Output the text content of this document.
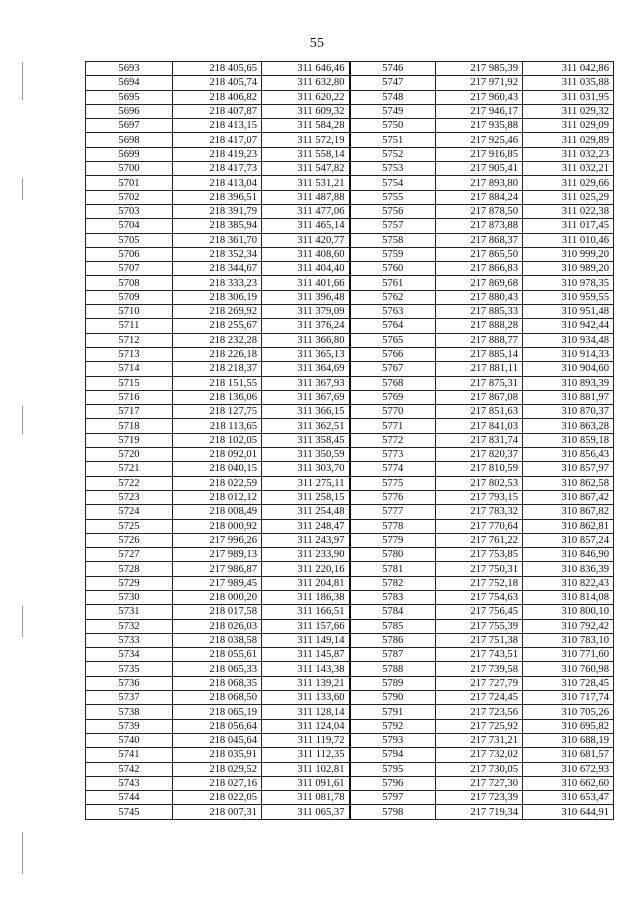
55
5693	218 405,65	311 646,46	5746	217 985,39	311 042,86
5694	218 405,74	311 632,80	5747	217 971,92	311 035,88
5695	218 406,82	311 620,22	5748	217 960,43	311 031,95
5696	218 407,87	311 609,32	5749	217 946,17	311 029,32
5697	218 413,15	311 584,28	5750	217 935,88	311 029,09
5698	218 417,07	311 572,19	5751	217 925,46	311 029,89
5699	218 419,23	311 558,14	5752	217 916,85	311 032,23
5700	218 417,73	311 547,82	5753	217 905,41	311 032,21
5701	218 413,04	311 531,21	5754	217 893,80	311 029,66
5702	218 396,51	311 487,88	5755	217 884,24	311 025,29
5703	218 391,79	311 477,06	5756	217 878,50	311 022,38
5704	218 385,94	311 465,14	5757	217 873,88	311 017,45
5705	218 361,70	311 420,77	5758	217 868,37	311 010,46
5706	218 352,34	311 408,60	5759	217 865,50	310 999,20
5707	218 344,67	311 404,40	5760	217 866,83	310 989,20
5708	218 333,23	311 401,66	5761	217 869,68	310 978,35
5709	218 306,19	311 396,48	5762	217 880,43	310 959,55
5710	218 269,92	311 379,09	5763	217 885,33	310 951,48
5711	218 255,67	311 376,24	5764	217 888,28	310 942,44
5712	218 232,28	311 366,80	5765	217 888,77	310 934,48
5713	218 226,18	311 365,13	5766	217 885,14	310 914,33
5714	218 218,37	311 364,69	5767	217 881,11	310 904,60
5715	218 151,55	311 367,93	5768	217 875,31	310 893,39
5716	218 136,06	311 367,69	5769	217 867,08	310 881,97
5717	218 127,75	311 366,15	5770	217 851,63	310 870,37
5718	218 113,65	311 362,51	5771	217 841,03	310 863,28
5719	218 102,05	311 358,45	5772	217 831,74	310 859,18
5720	218 092,01	311 350,59	5773	217 820,37	310 856,43
5721	218 040,15	311 303,70	5774	217 810,59	310 857,97
5722	218 022,59	311 275,11	5775	217 802,53	310 862,58
5723	218 012,12	311 258,15	5776	217 793,15	310 867,42
5724	218 008,49	311 254,48	5777	217 783,32	310 867,82
5725	218 000,92	311 248,47	5778	217 770,64	310 862,81
5726	217 996,26	311 243,97	5779	217 761,22	310 857,24
5727	217 989,13	311 233,90	5780	217 753,85	310 846,90
5728	217 986,87	311 220,16	5781	217 750,31	310 836,39
5729	217 989,45	311 204,81	5782	217 752,18	310 822,43
5730	218 000,20	311 186,38	5783	217 754,63	310 814,08
5731	218 017,58	311 166,51	5784	217 756,45	310 800,10
5732	218 026,03	311 157,66	5785	217 755,39	310 792,42
5733	218 038,58	311 149,14	5786	217 751,38	310 783,10
5734	218 055,61	311 145,87	5787	217 743,51	310 771,60
5735	218 065,33	311 143,38	5788	217 739,58	310 760,98
5736	218 068,35	311 139,21	5789	217 727,79	310 728,45
5737	218 068,50	311 133,60	5790	217 724,45	310 717,74
5738	218 065,19	311 128,14	5791	217 723,56	310 705,26
5739	218 056,64	311 124,04	5792	217 725,92	310 695,82
5740	218 045,64	311 119,72	5793	217 731,21	310 688,19
5741	218 035,91	311 112,35	5794	217 732,02	310 681,57
5742	218 029,52	311 102,81	5795	217 730,05	310 672,93
5743	218 027,16	311 091,61	5796	217 727,30	310 662,60
5744	218 022,05	311 081,78	5797	217 723,39	310 653,47
5745	218 007,31	311 065,37	5798	217 719,34	310 644,91
